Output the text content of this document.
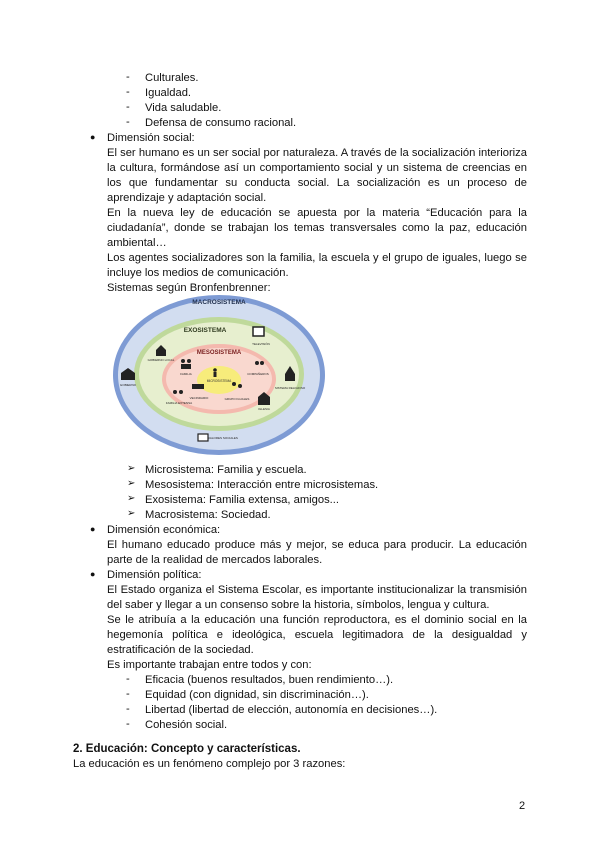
- Culturales.
- Igualdad.
- Vida saludable.
- Defensa de consumo racional.
● Dimensión social:
El ser humano es un ser social por naturaleza. A través de la socialización interioriza
la cultura, formándose así un comportamiento social y un sistema de creencias en
los que fundamentar su conducta social. La socialización es un proceso de
aprendizaje y adaptación social.
En la nueva ley de educación se apuesta por la materia “Educación para la
ciudadanía”, donde se trabajan los temas transversales como la paz, educación
ambiental…
Los agentes socializadores son la familia, la escuela y el grupo de iguales, luego se
incluye los medios de comunicación.
Sistemas según Bronfenbrenner:
MACROSISTEMA
EXOSISTEMA
MESOSISTEMA
MICROSISTEMA
TELEVISIÓN
GOBIERNO LOCAL
FAMILIA	COMPAÑEROS
VECINDARIO	GRUPO IGUALES
FAMILIA EXTENSA
GOBIERNO
SISTEMA RELIGIOSO
IGLESIA
VALORES SOCIALES
➢ Microsistema: Familia y escuela.
➢ Mesosistema: Interacción entre microsistemas.
➢ Exosistema: Familia extensa, amigos...
➢ Macrosistema: Sociedad.
● Dimensión económica:
El humano educado produce más y mejor, se educa para producir. La educación
parte de la realidad de mercados laborales.
● Dimensión política:
El Estado organiza el Sistema Escolar, es importante institucionalizar la transmisión
del saber y llegar a un consenso sobre la historia, símbolos, lengua y cultura.
Se le atribuía a la educación una función reproductora, es el dominio social en la
hegemonía política e ideológica, escuela legitimadora de la desigualdad y
estratificación de la sociedad.
Es importante trabajan entre todos y con:
- Eficacia (buenos resultados, buen rendimiento…).
- Equidad (con dignidad, sin discriminación…).
- Libertad (libertad de elección, autonomía en decisiones…).
- Cohesión social.
2. Educación: Concepto y características.
La educación es un fenómeno complejo por 3 razones:
2
